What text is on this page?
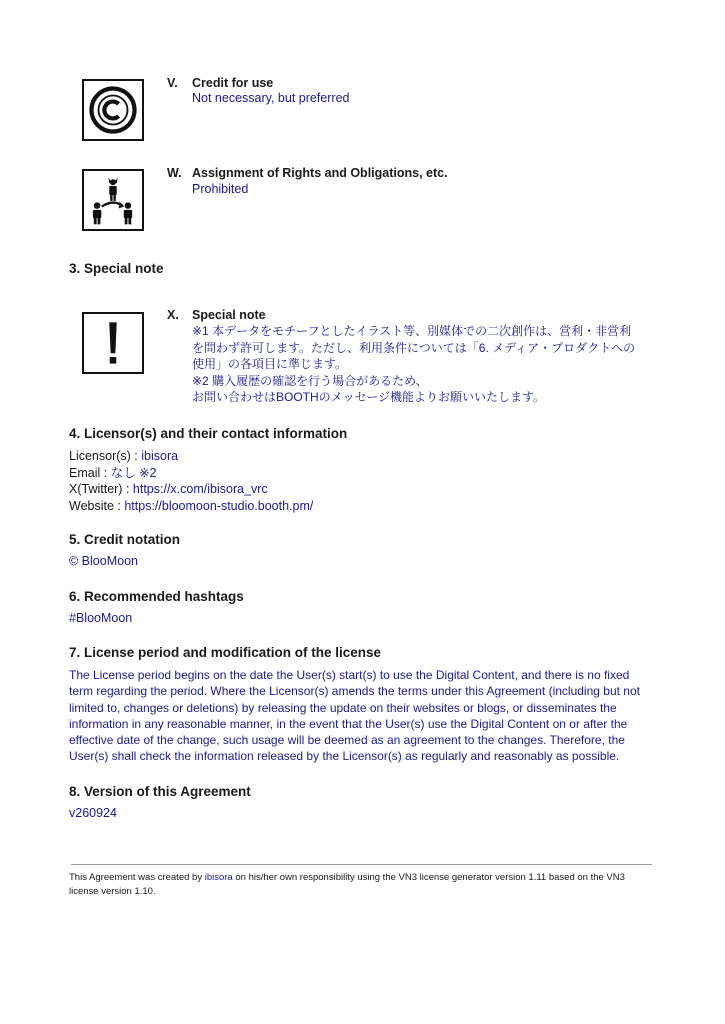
V. Credit for use
Not necessary, but preferred
W. Assignment of Rights and Obligations, etc.
Prohibited
3. Special note
X. Special note
※1 本データをモチーフとしたイラスト等、別媒体での二次創作は、営利・非営利
を問わず許可します。ただし、利用条件については「6. メディア・プロダクトへの
使用」の各項目に準じます。
※2 購入履歴の確認を行う場合があるため、
お問い合わせはBOOTHのメッセージ機能よりお願いいたします。
4. Licensor(s) and their contact information
Licensor(s) : ibisora
Email : なし ※2
X(Twitter) : https://x.com/ibisora_vrc
Website : https://bloomoon-studio.booth.pm/
5. Credit notation
© BlooMoon
6. Recommended hashtags
#BlooMoon
7. License period and modification of the license
The License period begins on the date the User(s) start(s) to use the Digital Content, and there is no fixed
term regarding the period. Where the Licensor(s) amends the terms under this Agreement (including but not
limited to, changes or deletions) by releasing the update on their websites or blogs, or disseminates the
information in any reasonable manner, in the event that the User(s) use the Digital Content on or after the
effective date of the change, such usage will be deemed as an agreement to the changes. Therefore, the
User(s) shall check the information released by the Licensor(s) as regularly and reasonably as possible.
8. Version of this Agreement
v260924
This Agreement was created by ibisora on his/her own responsibility using the VN3 license generator version 1.11 based on the VN3
license version 1.10.
